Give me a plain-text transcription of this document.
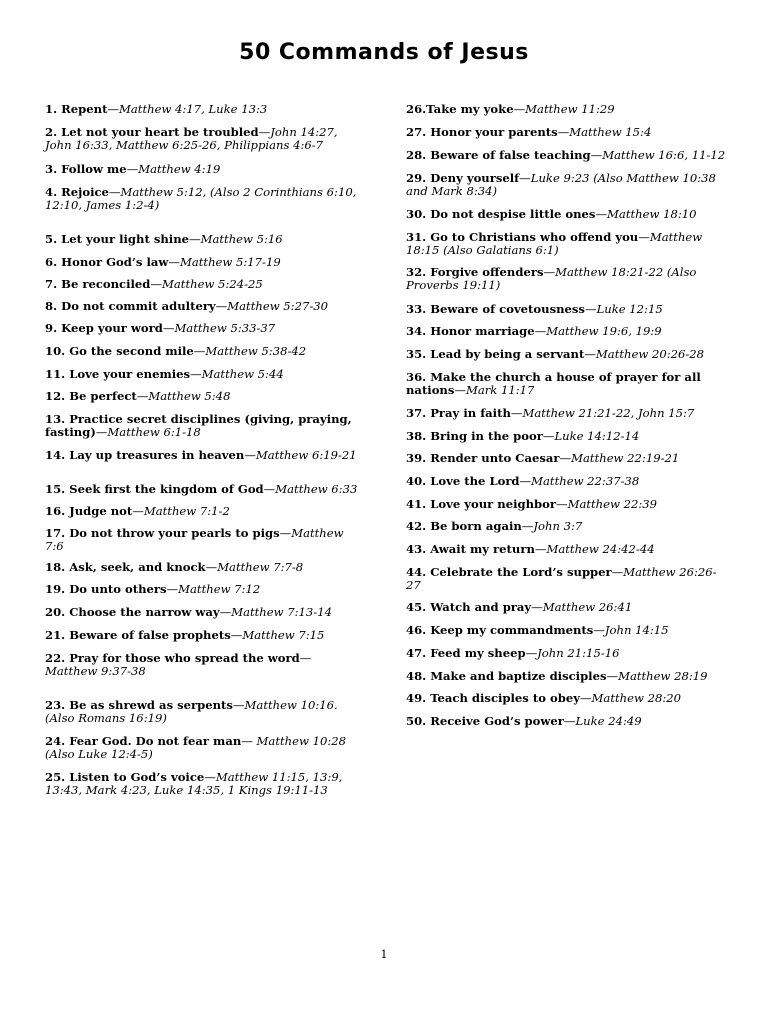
50 Commands of Jesus
1. Repent—Matthew 4:17, Luke 13:3
2. Let not your heart be troubled—John 14:27, John 16:33, Matthew 6:25-26, Philippians 4:6-7
3. Follow me—Matthew 4:19
4. Rejoice—Matthew 5:12, (Also 2 Corinthians 6:10, 12:10, James 1:2-4)
5. Let your light shine—Matthew 5:16
6. Honor God’s law—Matthew 5:17-19
7. Be reconciled—Matthew 5:24-25
8. Do not commit adultery—Matthew 5:27-30
9. Keep your word—Matthew 5:33-37
10. Go the second mile—Matthew 5:38-42
11. Love your enemies—Matthew 5:44
12. Be perfect—Matthew 5:48
13. Practice secret disciplines (giving, praying, fasting)—Matthew 6:1-18
14. Lay up treasures in heaven—Matthew 6:19-21
15. Seek first the kingdom of God—Matthew 6:33
16. Judge not—Matthew 7:1-2
17. Do not throw your pearls to pigs—Matthew 7:6
18. Ask, seek, and knock—Matthew 7:7-8
19. Do unto others—Matthew 7:12
20. Choose the narrow way—Matthew 7:13-14
21. Beware of false prophets—Matthew 7:15
22. Pray for those who spread the word—Matthew 9:37-38
23. Be as shrewd as serpents—Matthew 10:16. (Also Romans 16:19)
24. Fear God. Do not fear man— Matthew 10:28 (Also Luke 12:4-5)
25. Listen to God’s voice—Matthew 11:15, 13:9, 13:43, Mark 4:23, Luke 14:35, 1 Kings 19:11-13
26.Take my yoke—Matthew 11:29
27. Honor your parents—Matthew 15:4
28. Beware of false teaching—Matthew 16:6, 11-12
29. Deny yourself—Luke 9:23 (Also Matthew 10:38 and Mark 8:34)
30. Do not despise little ones—Matthew 18:10
31. Go to Christians who offend you—Matthew 18:15 (Also Galatians 6:1)
32. Forgive offenders—Matthew 18:21-22 (Also Proverbs 19:11)
33. Beware of covetousness—Luke 12:15
34. Honor marriage—Matthew 19:6, 19:9
35. Lead by being a servant—Matthew 20:26-28
36. Make the church a house of prayer for all nations—Mark 11:17
37. Pray in faith—Matthew 21:21-22, John 15:7
38. Bring in the poor—Luke 14:12-14
39. Render unto Caesar—Matthew 22:19-21
40. Love the Lord—Matthew 22:37-38
41. Love your neighbor—Matthew 22:39
42. Be born again—John 3:7
43. Await my return—Matthew 24:42-44
44. Celebrate the Lord’s supper—Matthew 26:26-27
45. Watch and pray—Matthew 26:41
46. Keep my commandments—John 14:15
47. Feed my sheep—John 21:15-16
48. Make and baptize disciples—Matthew 28:19
49. Teach disciples to obey—Matthew 28:20
50. Receive God’s power—Luke 24:49
1
